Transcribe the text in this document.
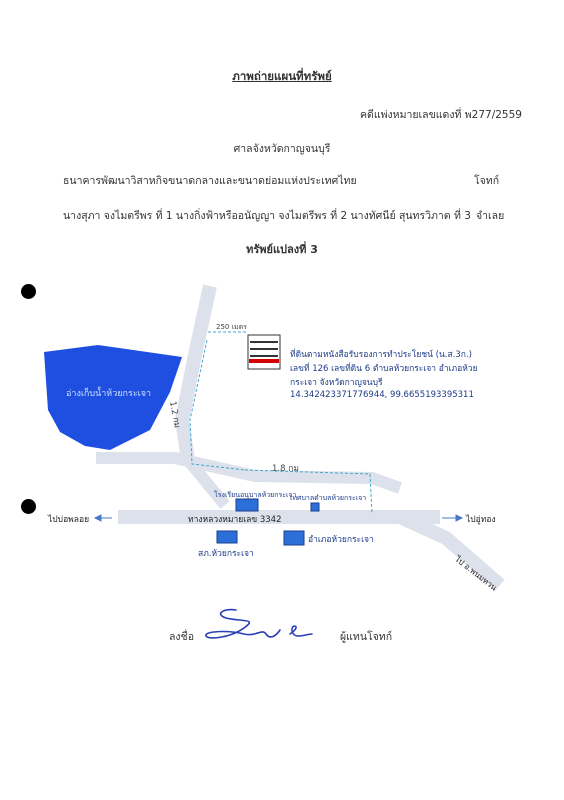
ภาพถ่ายแผนที่ทรัพย์
คดีแพ่งหมายเลขแดงที่ พ277/2559
ศาลจังหวัดกาญจนบุรี
ธนาคารพัฒนาวิสาหกิจขนาดกลางและขนาดย่อมแห่งประเทศไทย	โจทก์
นางสุภา จงไมตรีพร ที่ 1 นางกิ่งฟ้าหรืออนัญญา จงไมตรีพร ที่ 2 นางทัศนีย์ สุนทรวิภาต ที่ 3 จำเลย
ทรัพย์แปลงที่ 3
อ่างเก็บน้ำห้วยกระเจา
250 เมตร
1.2 กม
1.8 กม
ที่ดินตามหนังสือรับรองการทำประโยชน์ (น.ส.3ก.)
เลขที่ 126 เลขที่ดิน 6 ตำบลห้วยกระเจา อำเภอห้วย
กระเจา จังหวัดกาญจนบุรี
14.342423371776944, 99.6655193395311
โรงเรียนอนุบาลห้วยกระเจา
เทศบาลตำบลห้วยกระเจา
ทางหลวงหมายเลข 3342
สภ.ห้วยกระเจา
อำเภอห้วยกระเจา
ไปบ่อพลอย	ไปอู่ทอง
ไป อ.พนมทวน
ลงชื่อ	ผู้แทนโจทก์
